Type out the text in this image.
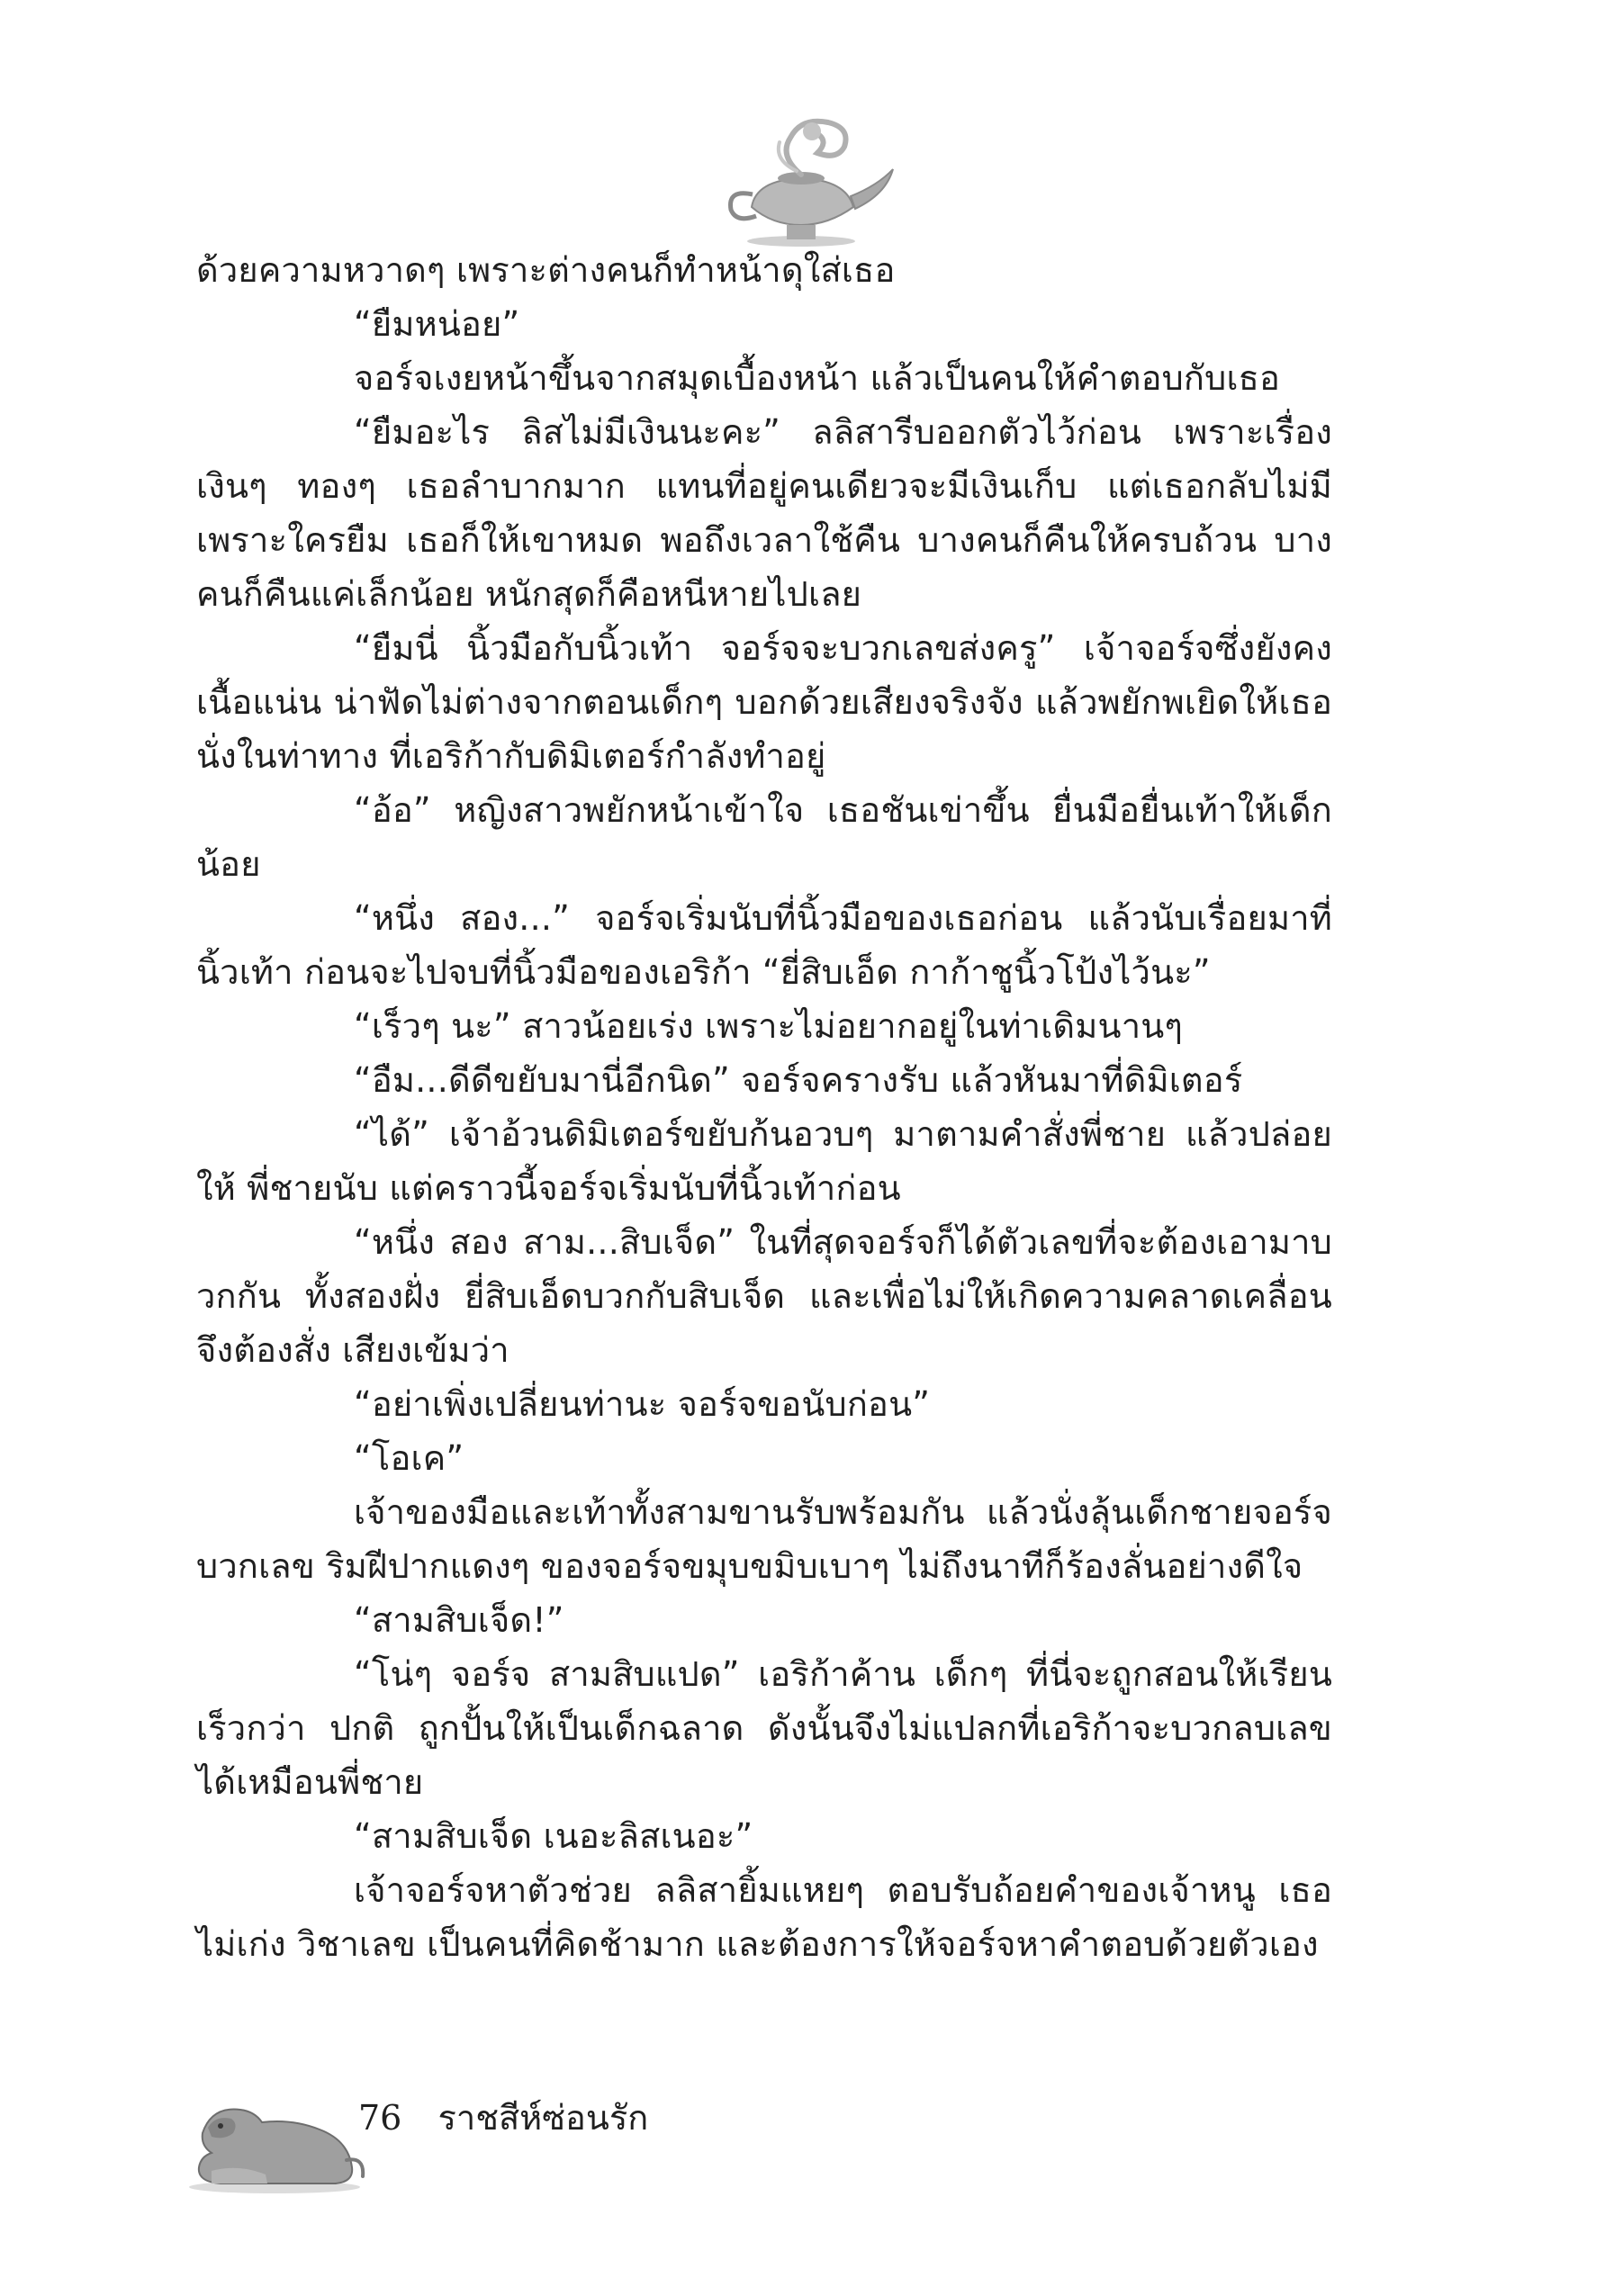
ด้วยความหวาดๆ เพราะต่างคนก็ทำหน้าดุใส่เธอ

“ยืมหน่อย”

จอร์จเงยหน้าขึ้นจากสมุดเบื้องหน้า แล้วเป็นคนให้คำตอบกับเธอ

“ยืมอะไร ลิสไม่มีเงินนะคะ” ลลิสารีบออกตัวไว้ก่อน เพราะเรื่องเงินๆ ทองๆ เธอลำบากมาก แทนที่อยู่คนเดียวจะมีเงินเก็บ แต่เธอกลับไม่มี เพราะใครยืม เธอก็ให้เขาหมด พอถึงเวลาใช้คืน บางคนก็คืนให้ครบถ้วน บางคนก็คืนแค่เล็กน้อย หนักสุดก็คือหนีหายไปเลย

“ยืมนี่ นิ้วมือกับนิ้วเท้า จอร์จจะบวกเลขส่งครู” เจ้าจอร์จซึ่งยังคงเนื้อแน่น น่าฟัดไม่ต่างจากตอนเด็กๆ บอกด้วยเสียงจริงจัง แล้วพยักพเยิดให้เธอนั่งในท่าทาง ที่เอริก้ากับดิมิเตอร์กำลังทำอยู่

“อ้อ” หญิงสาวพยักหน้าเข้าใจ เธอชันเข่าขึ้น ยื่นมือยื่นเท้าให้เด็กน้อย

“หนึ่ง สอง...” จอร์จเริ่มนับที่นิ้วมือของเธอก่อน แล้วนับเรื่อยมาที่นิ้วเท้า ก่อนจะไปจบที่นิ้วมือของเอริก้า “ยี่สิบเอ็ด กาก้าชูนิ้วโป้งไว้นะ”

“เร็วๆ นะ” สาวน้อยเร่ง เพราะไม่อยากอยู่ในท่าเดิมนานๆ

“อืม...ดีดีขยับมานี่อีกนิด” จอร์จครางรับ แล้วหันมาที่ดิมิเตอร์

“ได้” เจ้าอ้วนดิมิเตอร์ขยับก้นอวบๆ มาตามคำสั่งพี่ชาย แล้วปล่อยให้ พี่ชายนับ แต่คราวนี้จอร์จเริ่มนับที่นิ้วเท้าก่อน

“หนึ่ง สอง สาม...สิบเจ็ด” ในที่สุดจอร์จก็ได้ตัวเลขที่จะต้องเอามาบวกกัน ทั้งสองฝั่ง ยี่สิบเอ็ดบวกกับสิบเจ็ด และเพื่อไม่ให้เกิดความคลาดเคลื่อน จึงต้องสั่ง เสียงเข้มว่า

“อย่าเพิ่งเปลี่ยนท่านะ จอร์จขอนับก่อน”

“โอเค”

เจ้าของมือและเท้าทั้งสามขานรับพร้อมกัน แล้วนั่งลุ้นเด็กชายจอร์จ บวกเลข ริมฝีปากแดงๆ ของจอร์จขมุบขมิบเบาๆ ไม่ถึงนาทีก็ร้องลั่นอย่างดีใจ

“สามสิบเจ็ด!”

“โน่ๆ จอร์จ สามสิบแปด” เอริก้าค้าน เด็กๆ ที่นี่จะถูกสอนให้เรียนเร็วกว่า ปกติ ถูกปั้นให้เป็นเด็กฉลาด ดังนั้นจึงไม่แปลกที่เอริก้าจะบวกลบเลขได้เหมือนพี่ชาย

“สามสิบเจ็ด เนอะลิสเนอะ”

เจ้าจอร์จหาตัวช่วย ลลิสายิ้มแหยๆ ตอบรับถ้อยคำของเจ้าหนู เธอไม่เก่ง วิชาเลข เป็นคนที่คิดช้ามาก และต้องการให้จอร์จหาคำตอบด้วยตัวเอง

76 ราชสีห์ซ่อนรัก
